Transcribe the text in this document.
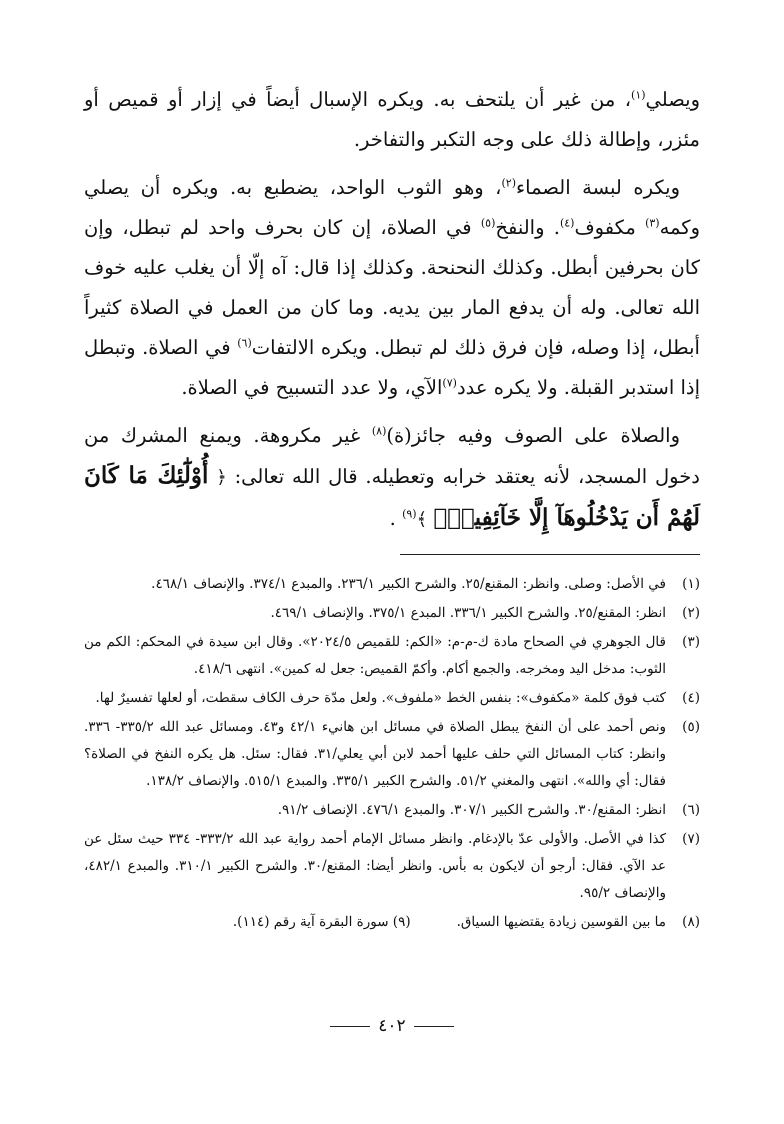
ويصلي$^{(١)}$، من غير أن يلتحف به. ويكره الإسبال أيضاً في إزار أو قميص أو مئزر، وإطالة ذلك على وجه التكبر والتفاخر.

ويكره لبسة الصماء$^{(٢)}$، وهو الثوب الواحد، يضطبع به. ويكره أن يصلي وكمه$^{(٣)}$ مكفوف$^{(٤)}$. والنفخ$^{(٥)}$ في الصلاة، إن كان بحرف واحد لم تبطل، وإن كان بحرفين أبطل. وكذلك النحنحة. وكذلك إذا قال: آه إلّا أن يغلب عليه خوف الله تعالى. وله أن يدفع المار بين يديه. وما كان من العمل في الصلاة كثيراً أبطل، إذا وصله، فإن فرق ذلك لم تبطل. ويكره الالتفات$^{(٦)}$ في الصلاة. وتبطل إذا استدبر القبلة. ولا يكره عدد$^{(٧)}$الآي، ولا عدد التسبيح في الصلاة.

والصلاة على الصوف وفيه جائز(ة)$^{(٨)}$ غير مكروهة. ويمنع المشرك من دخول المسجد، لأنه يعتقد خرابه وتعطيله. قال الله تعالى: ﴿ أُوْلَٰٓئِكَ مَا كَانَ لَهُمْ أَن يَدْخُلُوهَآ إِلَّا خَآئِفِينَۚ ﴾$^{(٩)}$ .

(١)
في الأصل: وصلى. وانظر: المقنع/٢٥. والشرح الكبير ٢٣٦/١. والمبدع ٣٧٤/١. والإنصاف ٤٦٨/١.
(٢)
انظر: المقنع/٢٥. والشرح الكبير ٣٣٦/١. المبدع ٣٧٥/١. والإنصاف ٤٦٩/١.
(٣)
قال الجوهري في الصحاح مادة ك-م-م: «الكم: للقميص ٢٠٢٤/٥». وقال ابن سيدة في المحكم: الكم من الثوب: مدخل اليد ومخرجه. والجمع أكام. وأكمّ القميص: جعل له كمين». انتهى ٤١٨/٦.
(٤)
كتب فوق كلمة «مكفوف»: بنفس الخط «ملفوف». ولعل مدّة حرف الكاف سقطت، أو لعلها تفسيرٌ لها.
(٥)
ونص أحمد على أن النفخ يبطل الصلاة في مسائل ابن هانيء ٤٢/١ و٤٣. ومسائل عبد الله ٣٣٥/٢- ٣٣٦. وانظر: كتاب المسائل التي حلف عليها أحمد لابن أبي يعلي/٣١. فقال: سئل. هل يكره النفخ في الصلاة؟ فقال: أي والله». انتهى والمغني ٥١/٢. والشرح الكبير ٣٣٥/١. والمبدع ٥١٥/١. والإنصاف ١٣٨/٢.
(٦)
انظر: المقنع/٣٠. والشرح الكبير ٣٠٧/١. والمبدع ٤٧٦/١. الإنصاف ٩١/٢.
(٧)
كذا في الأصل. والأولى عدّ بالإدغام. وانظر مسائل الإمام أحمد رواية عبد الله ٣٣٣/٢- ٣٣٤ حيث سئل عن عد الآي. فقال: أرجو أن لايكون به بأس. وانظر أيضا: المقنع/٣٠. والشرح الكبير ٣١٠/١. والمبدع ٤٨٢/١، والإنصاف ٩٥/٢.
(٨)
ما بين القوسين زيادة يقتضيها السياق.
(٩) سورة البقرة آية رقم (١١٤).
٤٠٢
